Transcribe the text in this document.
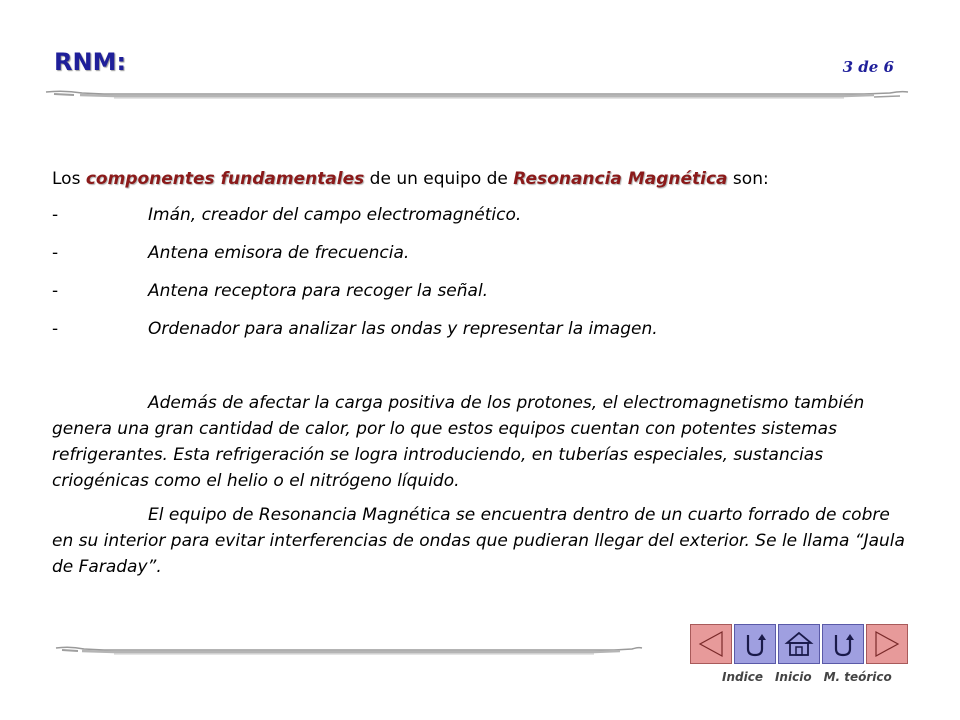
RNM:	3 de 6

Los componentes fundamentales de un equipo de Resonancia Magnética son:

-	Imán, creador del campo electromagnético.
-	Antena emisora de frecuencia.
-	Antena receptora para recoger la señal.
-	Ordenador para analizar las ondas y representar la imagen.

Además de afectar la carga positiva de los protones, el electromagnetismo también genera una gran cantidad de calor, por lo que estos equipos cuentan con potentes sistemas refrigerantes. Esta refrigeración se logra introduciendo, en tuberías especiales, sustancias criogénicas como el helio o el nitrógeno líquido.

El equipo de Resonancia Magnética se encuentra dentro de un cuarto forrado de cobre en su interior para evitar interferencias de ondas que pudieran llegar del exterior. Se le llama “Jaula de Faraday”.

Indice Inicio M. teórico
